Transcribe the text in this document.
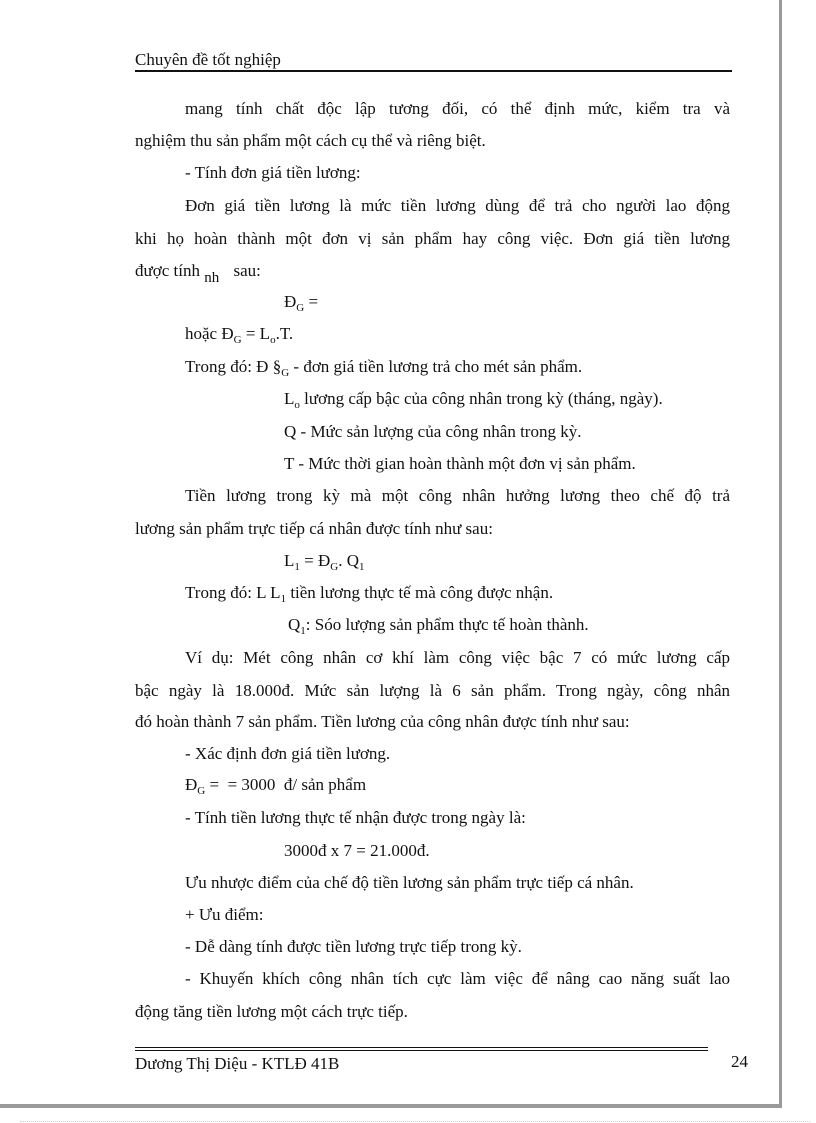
Chuyên đề tốt nghiệp
mang tính chất độc lập tương đối, có thể định mức, kiểm tra và
nghiệm thu sản phẩm một cách cụ thể và riêng biệt.
- Tính đơn giá tiền lương:
Đơn giá tiền lương là mức tiền lương dùng để trả cho người lao động
khi họ hoàn thành một đơn vị sản phẩm hay công việc. Đơn giá tiền lương
được tính nh sau:
$Đ_G$ =
hoặc $Đ_G = L_o.T$.
Trong đó: Đ $\S_G$ - đơn giá tiền lương trả cho mét sản phẩm.
$L_o$ lương cấp bậc của công nhân trong kỳ (tháng, ngày).
Q - Mức sản lượng của công nhân trong kỳ.
T - Mức thời gian hoàn thành một đơn vị sản phẩm.
Tiền lương trong kỳ mà một công nhân hưởng lương theo chế độ trả
lương sản phẩm trực tiếp cá nhân được tính như sau:
$L_1$ = $Đ_G$. $Q_1$
Trong đó: L $L_1$ tiền lương thực tế mà công được nhận.
$Q_1$: Sóo lượng sản phẩm thực tế hoàn thành.
Ví dụ: Mét công nhân cơ khí làm công việc bậc 7 có mức lương cấp
bậc ngày là 18.000đ. Mức sản lượng là 6 sản phẩm. Trong ngày, công nhân
đó hoàn thành 7 sản phẩm. Tiền lương của công nhân được tính như sau:
- Xác định đơn giá tiền lương.
$Đ_G$ =  = 3000  đ/ sản phẩm
- Tính tiền lương thực tế nhận được trong ngày là:
3000đ x 7 = 21.000đ.
Ưu nhược điểm của chế độ tiền lương sản phẩm trực tiếp cá nhân.
+ Ưu điểm:
- Dễ dàng tính được tiền lương trực tiếp trong kỳ.
- Khuyến khích công nhân tích cực làm việc để nâng cao năng suất lao
động tăng tiền lương một cách trực tiếp.
Dương Thị Diệu - KTLĐ 41B	24
